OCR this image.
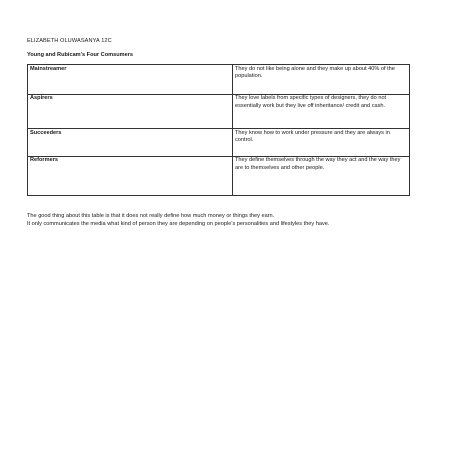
ELIZABETH OLUWASANYA 12C
Young and Rubicam’s Four Comsumers
Mainstreamer	They do not like being alone and they make up about 40% of the population.
Aspirers	They love labels from specific types of designers, they do not essentially work but they live off inheritance/ credit and cash.
Succeeders	They know how to work under pressure and they are always in control.
Reformers	They define themselves through the way they act and the way they are to themselves and other people.

The good thing about this table is that it does not really define how much money or things they earn.

It only communicates the media what kind of person they are depending on people’s personalities and lifestyles they have.
